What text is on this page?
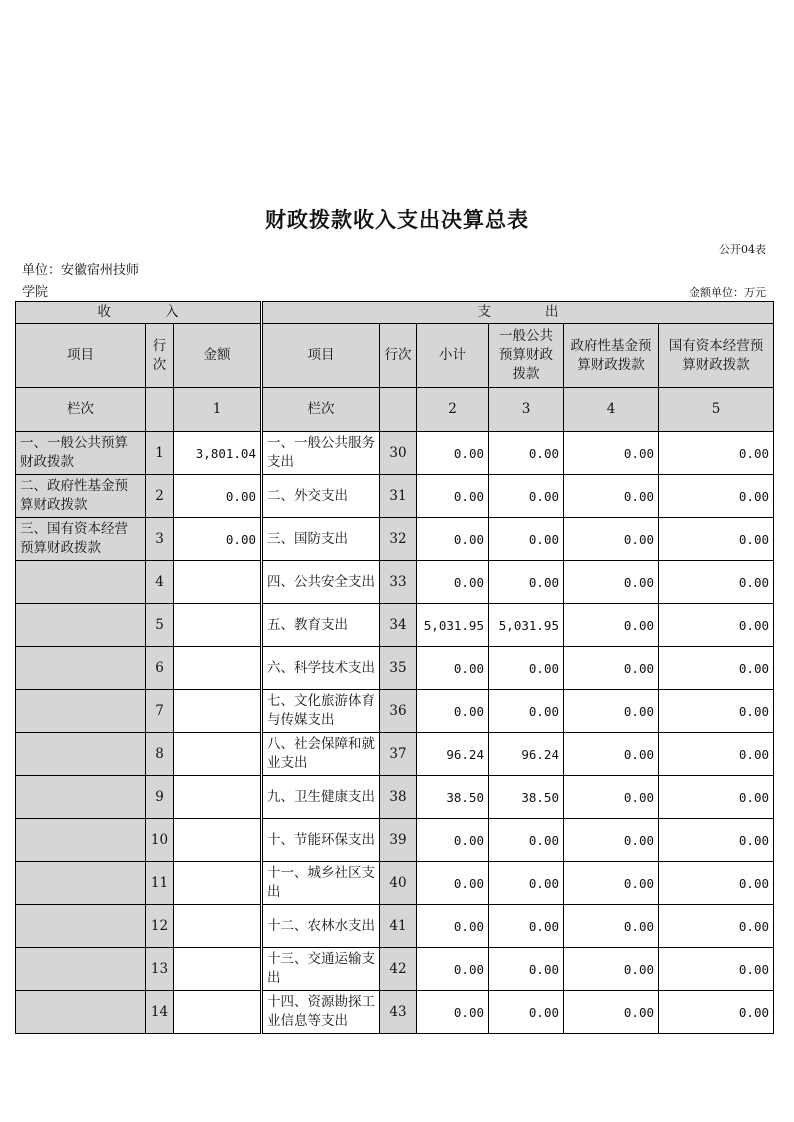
财政拨款收入支出决算总表
公开04表
单位：安徽宿州技师学院	金额单位：万元
收　　　　入				支　　　　出					
项目	行次	金额		项目	行次	小计	一般公共预算财政拨款	政府性基金预算财政拨款	国有资本经营预算财政拨款
栏次		1		栏次		2	3	4	5
一、一般公共预算财政拨款	1	3,801.04		一、一般公共服务支出	30	0.00	0.00	0.00	0.00
二、政府性基金预算财政拨款	2	0.00		二、外交支出	31	0.00	0.00	0.00	0.00
三、国有资本经营预算财政拨款	3	0.00		三、国防支出	32	0.00	0.00	0.00	0.00
	4			四、公共安全支出	33	0.00	0.00	0.00	0.00
	5			五、教育支出	34	5,031.95	5,031.95	0.00	0.00
	6			六、科学技术支出	35	0.00	0.00	0.00	0.00
	7			七、文化旅游体育与传媒支出	36	0.00	0.00	0.00	0.00
	8			八、社会保障和就业支出	37	96.24	96.24	0.00	0.00
	9			九、卫生健康支出	38	38.50	38.50	0.00	0.00
	10			十、节能环保支出	39	0.00	0.00	0.00	0.00
	11			十一、城乡社区支出	40	0.00	0.00	0.00	0.00
	12			十二、农林水支出	41	0.00	0.00	0.00	0.00
	13			十三、交通运输支出	42	0.00	0.00	0.00	0.00
	14			十四、资源勘探工业信息等支出	43	0.00	0.00	0.00	0.00
